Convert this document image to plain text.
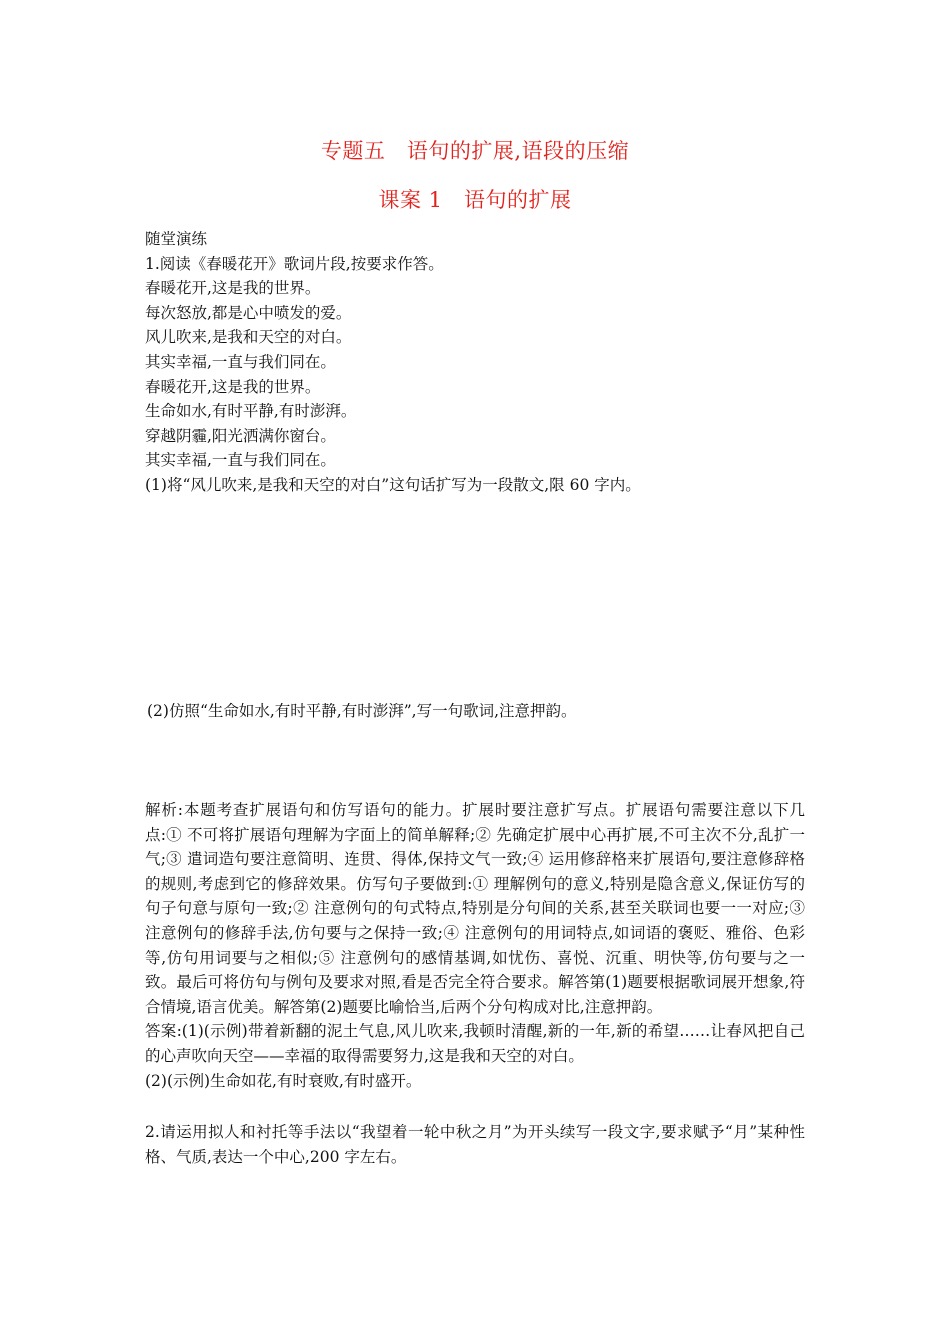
专题五　语句的扩展,语段的压缩
课案 1　语句的扩展

随堂演练

1.阅读《春暖花开》歌词片段,按要求作答。

春暖花开,这是我的世界。

每次怒放,都是心中喷发的爱。

风儿吹来,是我和天空的对白。

其实幸福,一直与我们同在。

春暖花开,这是我的世界。

生命如水,有时平静,有时澎湃。

穿越阴霾,阳光洒满你窗台。

其实幸福,一直与我们同在。

(1)将“风儿吹来,是我和天空的对白”这句话扩写为一段散文,限 60 字内。

(2)仿照“生命如水,有时平静,有时澎湃”,写一句歌词,注意押韵。

解析:本题考查扩展语句和仿写语句的能力。扩展时要注意扩写点。扩展语句需要注意以下几点:① 不可将扩展语句理解为字面上的简单解释;② 先确定扩展中心再扩展,不可主次不分,乱扩一气;③ 遣词造句要注意简明、连贯、得体,保持文气一致;④ 运用修辞格来扩展语句,要注意修辞格的规则,考虑到它的修辞效果。仿写句子要做到:① 理解例句的意义,特别是隐含意义,保证仿写的句子句意与原句一致;② 注意例句的句式特点,特别是分句间的关系,甚至关联词也要一一对应;③ 注意例句的修辞手法,仿句要与之保持一致;④ 注意例句的用词特点,如词语的褒贬、雅俗、色彩等,仿句用词要与之相似;⑤ 注意例句的感情基调,如忧伤、喜悦、沉重、明快等,仿句要与之一致。最后可将仿句与例句及要求对照,看是否完全符合要求。解答第(1)题要根据歌词展开想象,符合情境,语言优美。解答第(2)题要比喻恰当,后两个分句构成对比,注意押韵。

答案:(1)(示例)带着新翻的泥土气息,风儿吹来,我顿时清醒,新的一年,新的希望……让春风把自己的心声吹向天空——幸福的取得需要努力,这是我和天空的对白。

(2)(示例)生命如花,有时衰败,有时盛开。

2.请运用拟人和衬托等手法以“我望着一轮中秋之月”为开头续写一段文字,要求赋予“月”某种性格、气质,表达一个中心,200 字左右。
